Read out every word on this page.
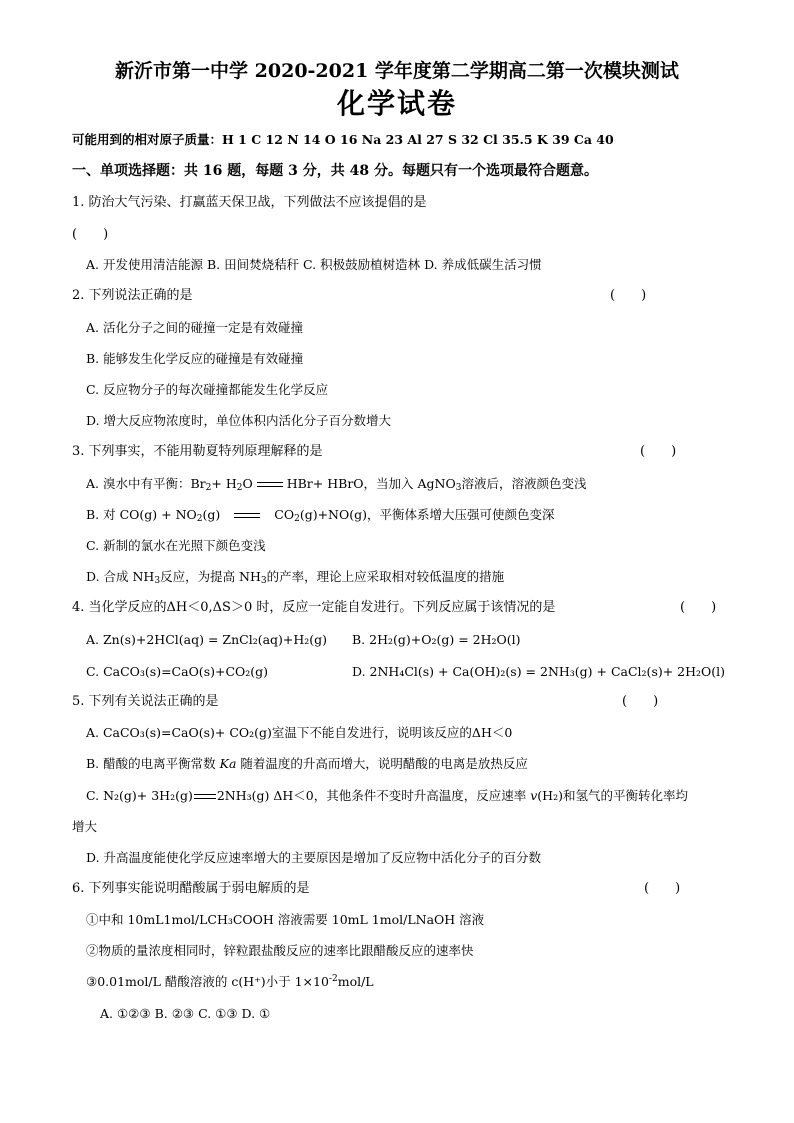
新沂市第一中学 2020-2021 学年度第二学期高二第一次模块测试
化学试卷
可能用到的相对原子质量：H 1 C 12 N 14 O 16 Na 23 Al 27 S 32 Cl 35.5 K 39 Ca 40
一、单项选择题：共 16 题，每题 3 分，共 48 分。每题只有一个选项最符合题意。
1. 防治大气污染、打赢蓝天保卫战，下列做法不应该提倡的是
(　　)
A. 开发使用清洁能源 B. 田间焚烧秸秆 C. 积极鼓励植树造林 D. 养成低碳生活习惯
2. 下列说法正确的是	(　　)
A. 活化分子之间的碰撞一定是有效碰撞
B. 能够发生化学反应的碰撞是有效碰撞
C. 反应物分子的每次碰撞都能发生化学反应
D. 增大反应物浓度时，单位体积内活化分子百分数增大
3. 下列事实，不能用勒夏特列原理解释的是	(　　)
A. 溴水中有平衡：$Br_2+ H_2O$	HBr+ HBrO，当加入 AgNO$_3$溶液后，溶液颜色变浅
B. 对 $CO(g) + NO_2(g)$	$CO_2(g)+NO(g)$，平衡体系增大压强可使颜色变深
C. 新制的氯水在光照下颜色变浅
D. 合成 $NH_3$反应，为提高 $NH_3$的产率，理论上应采取相对较低温度的措施
4. 当化学反应的ΔH＜0,ΔS＞0 时，反应一定能自发进行。下列反应属于该情况的是	(　　)
A. Zn(s)+2HCl(aq) = ZnCl₂(aq)+H₂(g) B. 2H₂(g)+O₂(g) = 2H₂O(l)
C. CaCO₃(s)=CaO(s)+CO₂(g)	D. 2NH₄Cl(s) + Ca(OH)₂(s) = 2NH₃(g) + CaCl₂(s)+ 2H₂O(l)
5. 下列有关说法正确的是	(　　)
A. CaCO₃(s)=CaO(s)+ CO₂(g)室温下不能自发进行，说明该反应的ΔH＜0
B. 醋酸的电离平衡常数 Ka 随着温度的升高而增大，说明醋酸的电离是放热反应
C. N₂(g)+ 3H₂(g) 2NH₃(g) ΔH＜0，其他条件不变时升高温度，反应速率 v(H₂)和氢气的平衡转化率均
增大
D. 升高温度能使化学反应速率增大的主要原因是增加了反应物中活化分子的百分数
6. 下列事实能说明醋酸属于弱电解质的是	(　　)
①中和 10mL1mol/LCH₃COOH 溶液需要 10mL 1mol/LNaOH 溶液
②物质的量浓度相同时，锌粒跟盐酸反应的速率比跟醋酸反应的速率快
③0.01mol/L 醋酸溶液的 c(H⁺)小于 $1\times 10^{-2}mol/L$
A. ①②③ B. ②③ C. ①③ D. ①
